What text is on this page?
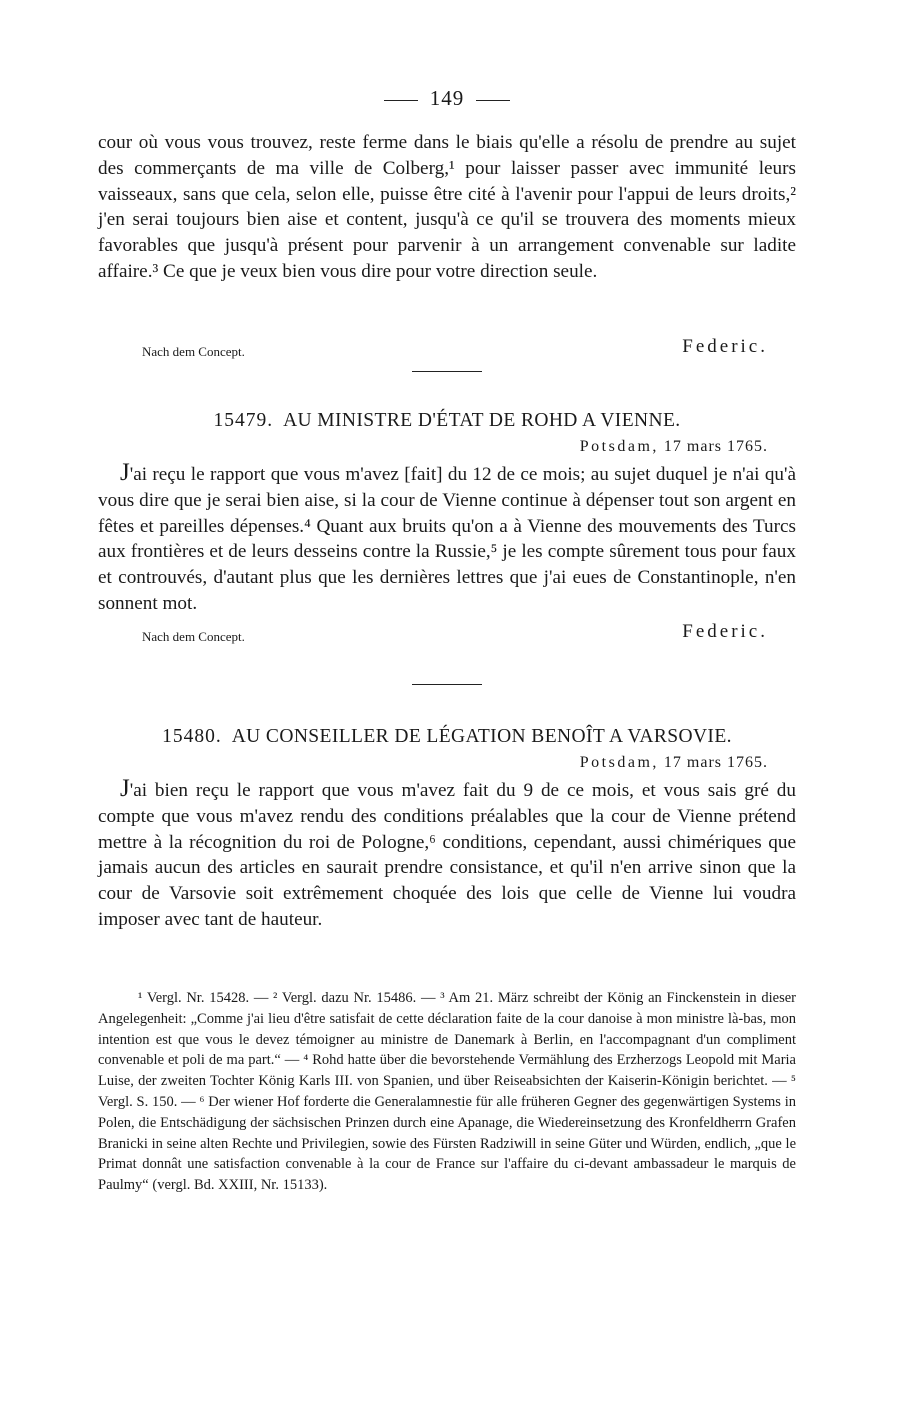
149

cour où vous vous trouvez, reste ferme dans le biais qu'elle a résolu de prendre au sujet des commerçants de ma ville de Colberg,¹ pour laisser passer avec immunité leurs vaisseaux, sans que cela, selon elle, puisse être cité à l'avenir pour l'appui de leurs droits,² j'en serai toujours bien aise et content, jusqu'à ce qu'il se trouvera des moments mieux favorables que jusqu'à présent pour parvenir à un arrangement convenable sur ladite affaire.³ Ce que je veux bien vous dire pour votre direction seule.

Nach dem Concept.	Federic.

15479. AU MINISTRE D'ÉTAT DE ROHD A VIENNE.

Potsdam, 17 mars 1765.

J'ai reçu le rapport que vous m'avez [fait] du 12 de ce mois; au sujet duquel je n'ai qu'à vous dire que je serai bien aise, si la cour de Vienne continue à dépenser tout son argent en fêtes et pareilles dépenses.⁴ Quant aux bruits qu'on a à Vienne des mouvements des Turcs aux frontières et de leurs desseins contre la Russie,⁵ je les compte sûrement tous pour faux et controuvés, d'autant plus que les dernières lettres que j'ai eues de Constantinople, n'en sonnent mot.

Nach dem Concept.	Federic.

15480. AU CONSEILLER DE LÉGATION BENOÎT A VARSOVIE.

Potsdam, 17 mars 1765.

J'ai bien reçu le rapport que vous m'avez fait du 9 de ce mois, et vous sais gré du compte que vous m'avez rendu des conditions préalables que la cour de Vienne prétend mettre à la récognition du roi de Pologne,⁶ conditions, cependant, aussi chimériques que jamais aucun des articles en saurait prendre consistance, et qu'il n'en arrive sinon que la cour de Varsovie soit extrêmement choquée des lois que celle de Vienne lui voudra imposer avec tant de hauteur.

¹ Vergl. Nr. 15428. — ² Vergl. dazu Nr. 15486. — ³ Am 21. März schreibt der König an Finckenstein in dieser Angelegenheit: „Comme j'ai lieu d'être satisfait de cette déclaration faite de la cour danoise à mon ministre là-bas, mon intention est que vous le devez témoigner au ministre de Danemark à Berlin, en l'accompagnant d'un compliment convenable et poli de ma part.“ — ⁴ Rohd hatte über die bevorstehende Vermählung des Erzherzogs Leopold mit Maria Luise, der zweiten Tochter König Karls III. von Spanien, und über Reiseabsichten der Kaiserin-Königin berichtet. — ⁵ Vergl. S. 150. — ⁶ Der wiener Hof forderte die Generalamnestie für alle früheren Gegner des gegenwärtigen Systems in Polen, die Entschädigung der sächsischen Prinzen durch eine Apanage, die Wiedereinsetzung des Kronfeldherrn Grafen Branicki in seine alten Rechte und Privilegien, sowie des Fürsten Radziwill in seine Güter und Würden, endlich, „que le Primat donnât une satisfaction convenable à la cour de France sur l'affaire du ci-devant ambassadeur le marquis de Paulmy“ (vergl. Bd. XXIII, Nr. 15133).
